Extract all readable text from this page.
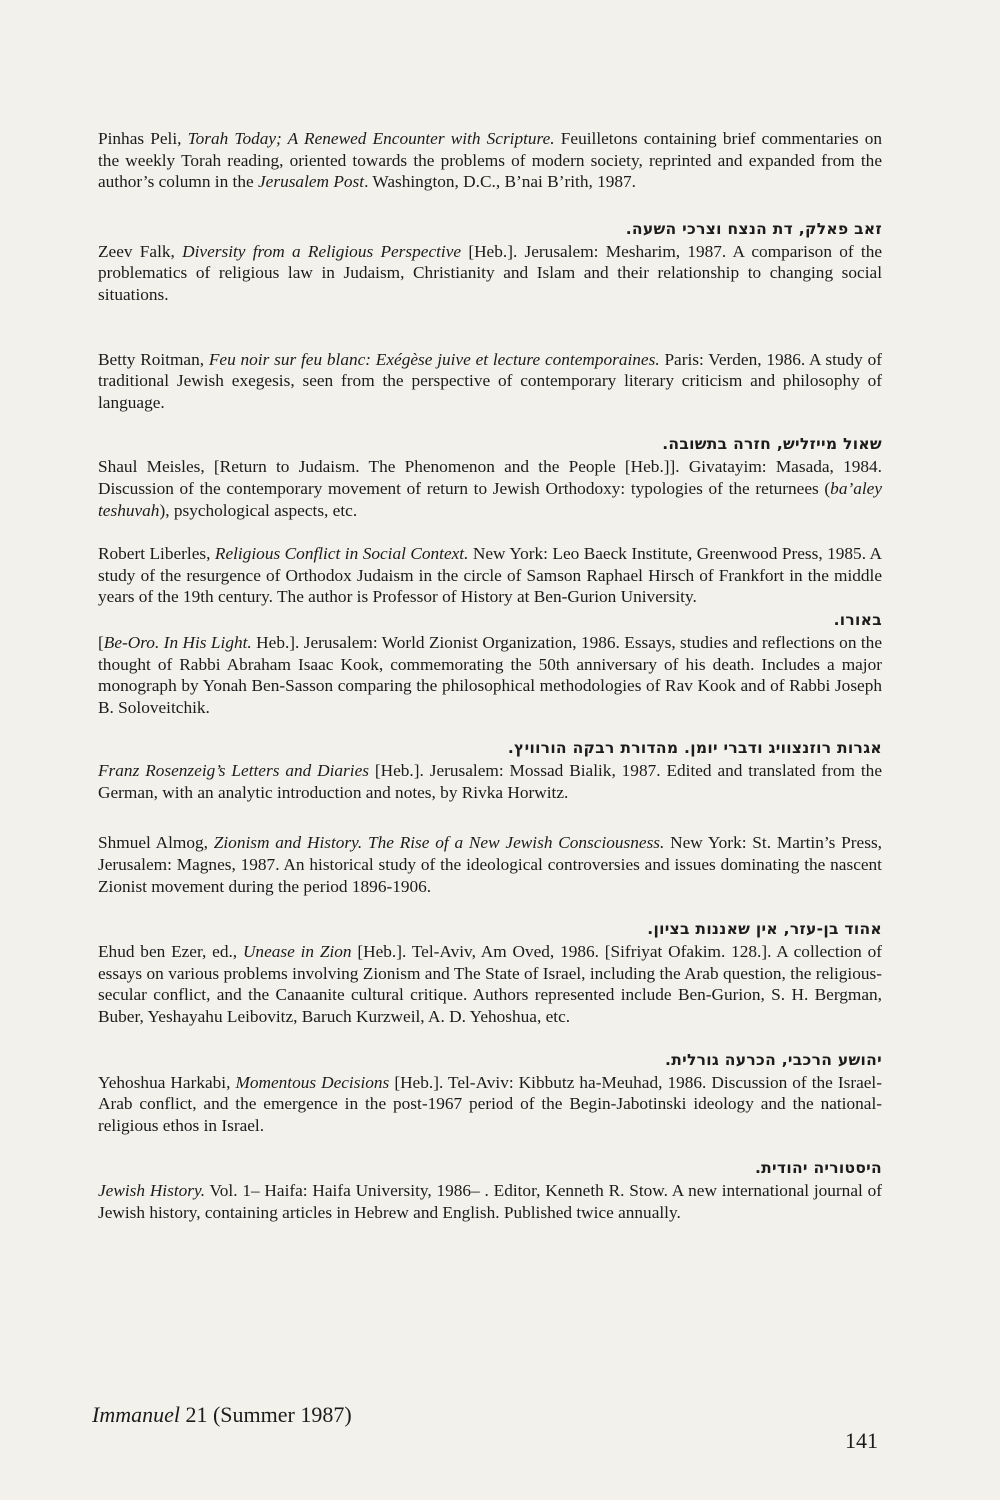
Pinhas Peli, Torah Today; A Renewed Encounter with Scripture. Feuilletons containing brief commentaries on the weekly Torah reading, oriented towards the problems of modern society, reprinted and expanded from the author’s column in the Jerusalem Post. Washington, D.C., B’nai B’rith, 1987.
זאב פאלק, דת הנצח וצרכי השעה.
Zeev Falk, Diversity from a Religious Perspective [Heb.]. Jerusalem: Mesharim, 1987. A comparison of the problematics of religious law in Judaism, Christianity and Islam and their relationship to changing social situations.
Betty Roitman, Feu noir sur feu blanc: Exégèse juive et lecture contemporaines. Paris: Verden, 1986. A study of traditional Jewish exegesis, seen from the perspective of contemporary literary criticism and philosophy of language.
שאול מייזליש, חזרה בתשובה.
Shaul Meisles, [Return to Judaism. The Phenomenon and the People [Heb.]]. Givatayim: Masada, 1984. Discussion of the contemporary movement of return to Jewish Orthodoxy: typologies of the returnees (ba’aley teshuvah), psychological aspects, etc.
Robert Liberles, Religious Conflict in Social Context. New York: Leo Baeck Institute, Greenwood Press, 1985. A study of the resurgence of Orthodox Judaism in the circle of Samson Raphael Hirsch of Frankfort in the middle years of the 19th century. The author is Professor of History at Ben-Gurion University.
באורו.
[Be-Oro. In His Light. Heb.]. Jerusalem: World Zionist Organization, 1986. Essays, studies and reflections on the thought of Rabbi Abraham Isaac Kook, commemorating the 50th anniversary of his death. Includes a major monograph by Yonah Ben-Sasson comparing the philosophical methodologies of Rav Kook and of Rabbi Joseph B. Soloveitchik.
אגרות רוזנצוויג ודברי יומן. מהדורת רבקה הורוויץ.
Franz Rosenzeig’s Letters and Diaries [Heb.]. Jerusalem: Mossad Bialik, 1987. Edited and translated from the German, with an analytic introduction and notes, by Rivka Horwitz.
Shmuel Almog, Zionism and History. The Rise of a New Jewish Consciousness. New York: St. Martin’s Press, Jerusalem: Magnes, 1987. An historical study of the ideological controversies and issues dominating the nascent Zionist movement during the period 1896-1906.
אהוד בן-עזר, אין שאננות בציון.
Ehud ben Ezer, ed., Unease in Zion [Heb.]. Tel-Aviv, Am Oved, 1986. [Sifriyat Ofakim. 128.]. A collection of essays on various problems involving Zionism and The State of Israel, including the Arab question, the religious-secular conflict, and the Canaanite cultural critique. Authors represented include Ben-Gurion, S. H. Bergman, Buber, Yeshayahu Leibovitz, Baruch Kurzweil, A. D. Yehoshua, etc.
יהושע הרכבי, הכרעה גורלית.
Yehoshua Harkabi, Momentous Decisions [Heb.]. Tel-Aviv: Kibbutz ha-Meuhad, 1986. Discussion of the Israel-Arab conflict, and the emergence in the post-1967 period of the Begin-Jabotinski ideology and the national-religious ethos in Israel.
היסטוריה יהודית.
Jewish History. Vol. 1– Haifa: Haifa University, 1986– . Editor, Kenneth R. Stow. A new international journal of Jewish history, containing articles in Hebrew and English. Published twice annually.
Immanuel 21 (Summer 1987)
141
